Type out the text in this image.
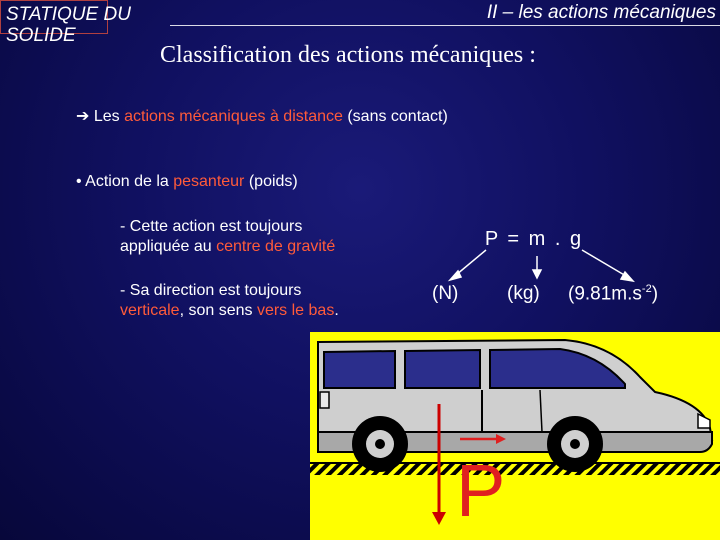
STATIQUE DU
SOLIDE
II – les actions mécaniques
Classification des actions mécaniques :
➔ Les actions mécaniques à distance (sans contact)
• Action de la pesanteur (poids)
- Cette action est toujours
appliquée au centre de gravité
- Sa direction est toujours
verticale, son sens vers le bas.
P = m . g
(N)	(kg) $(9.81m.s^{-2})$
P
